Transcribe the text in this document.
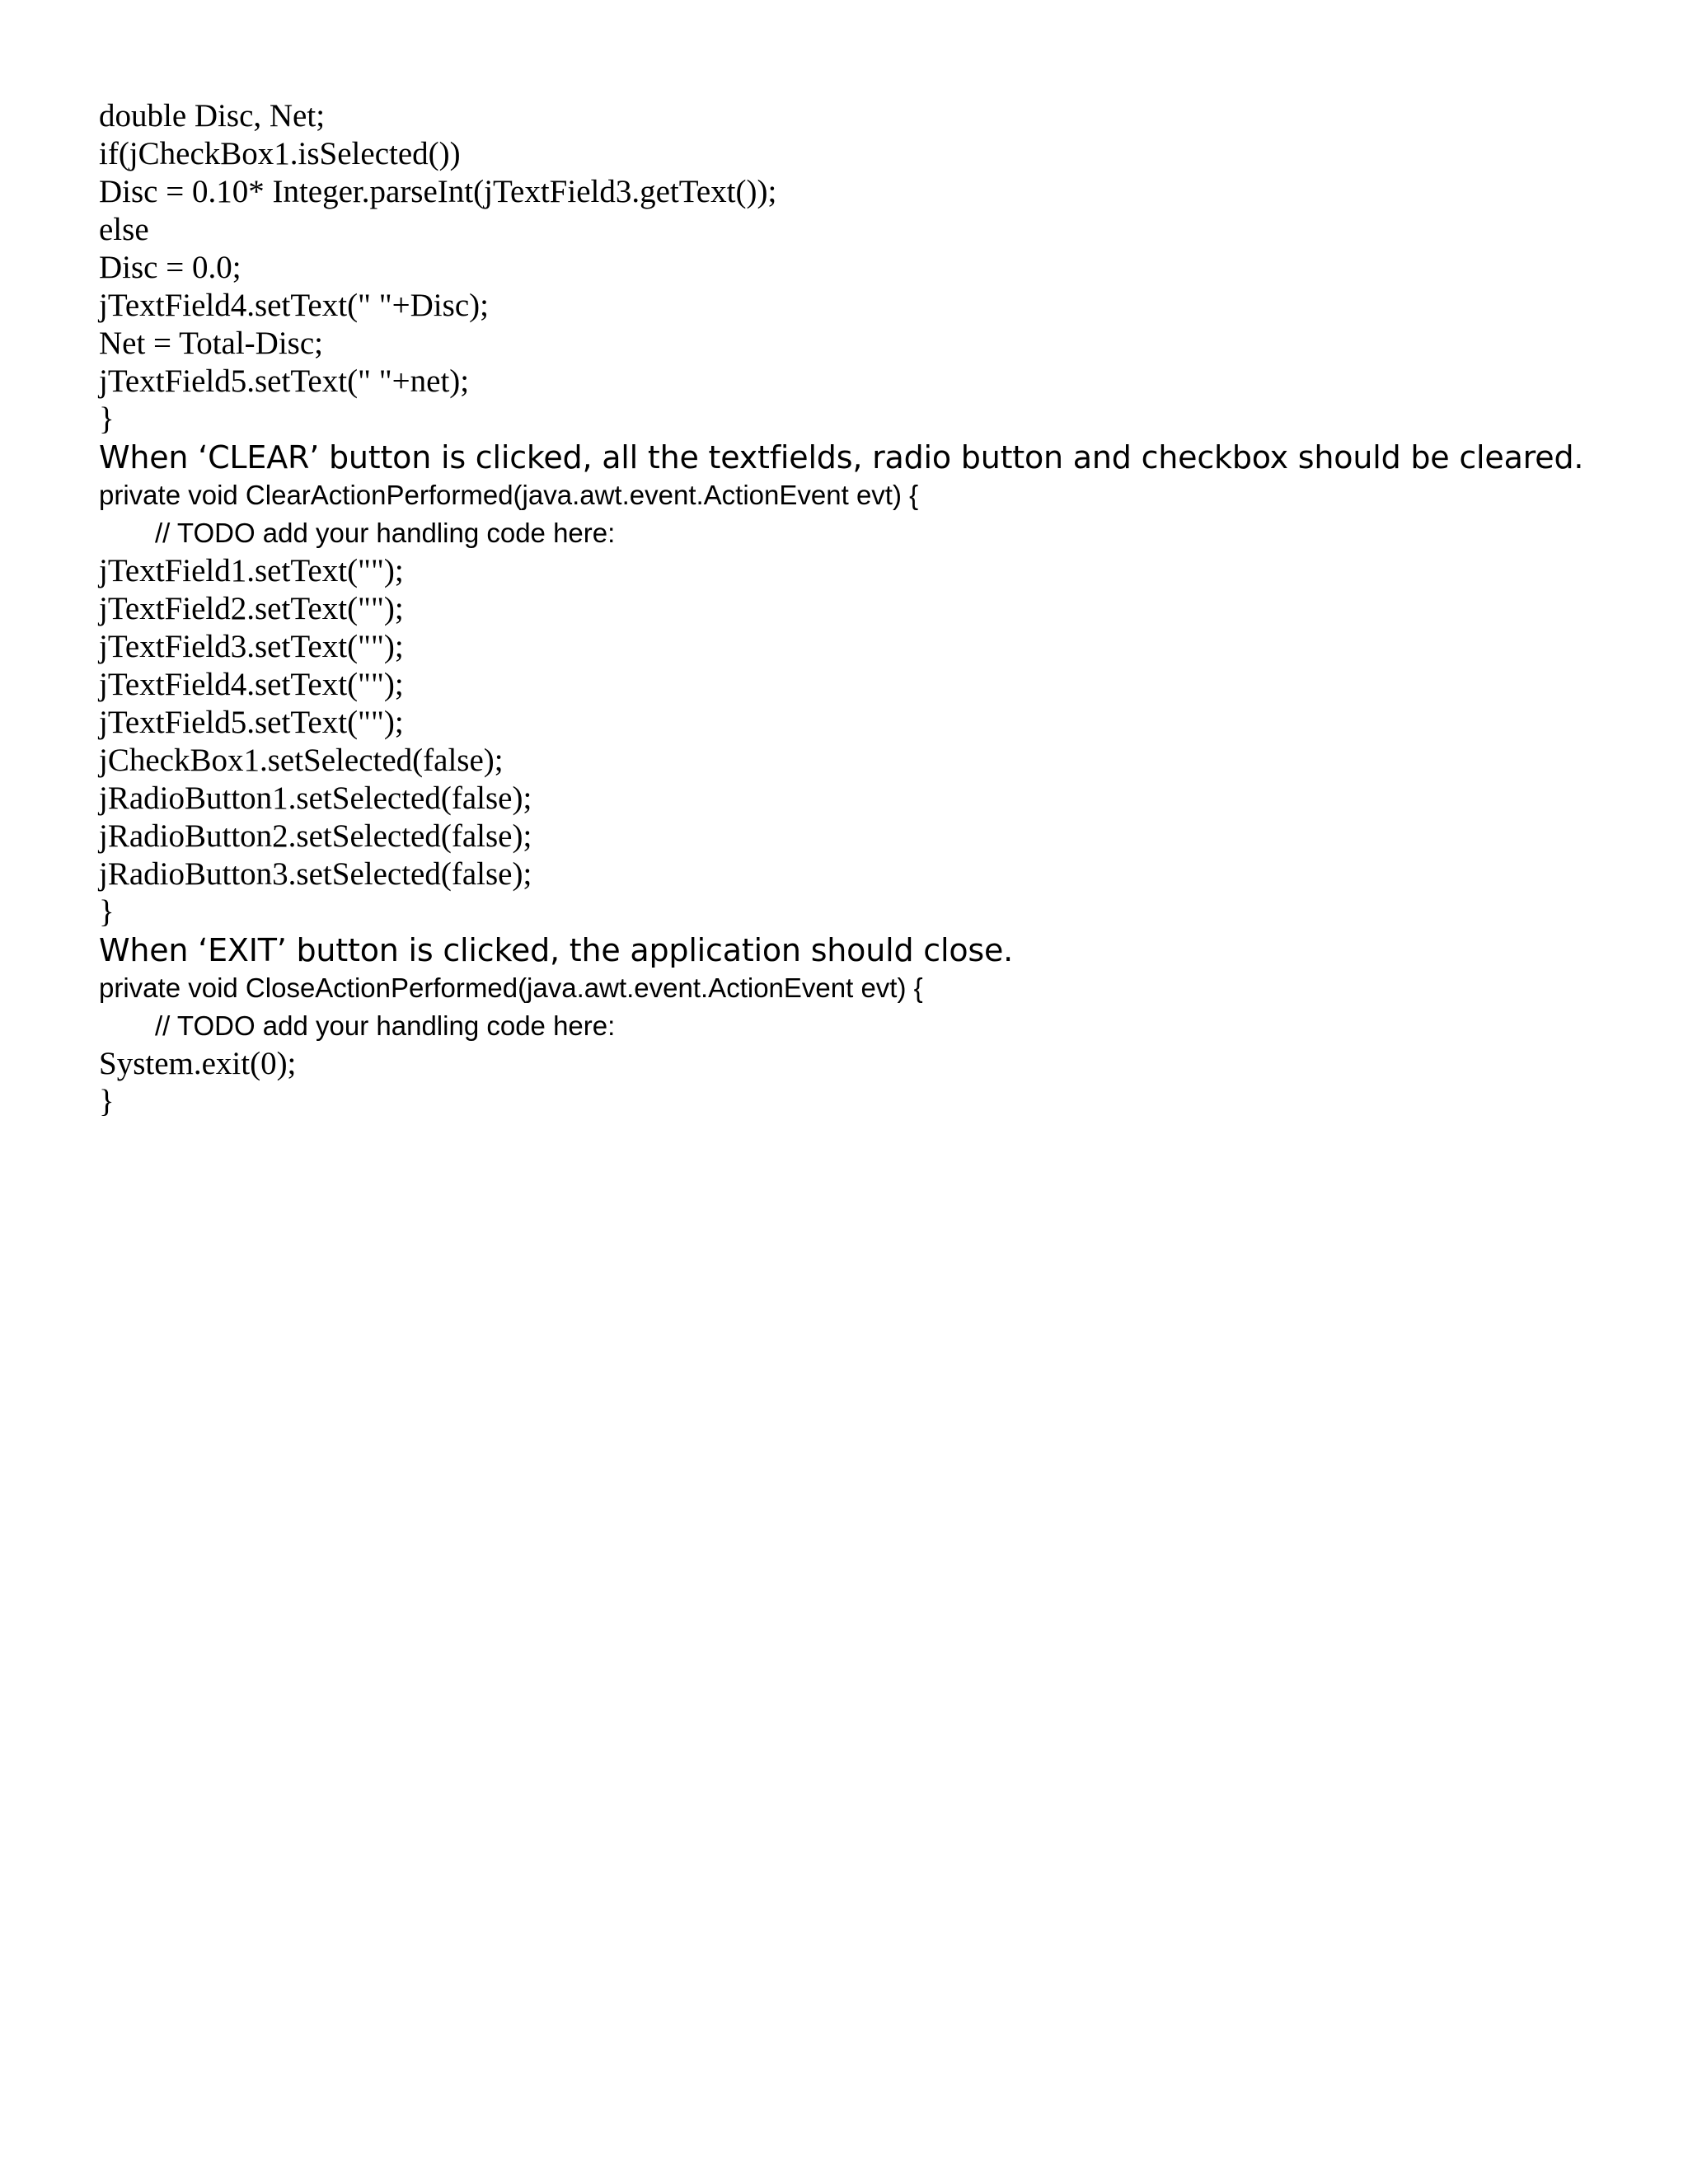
double Disc, Net;
if(jCheckBox1.isSelected())
Disc = 0.10* Integer.parseInt(jTextField3.getText());
else
Disc = 0.0;
jTextField4.setText(" "+Disc);
Net = Total-Disc;
jTextField5.setText(" "+net);
}
When ‘CLEAR’ button is clicked, all the textfields, radio button and checkbox should be cleared.
private void ClearActionPerformed(java.awt.event.ActionEvent evt) {
// TODO add your handling code here:
jTextField1.setText("");
jTextField2.setText("");
jTextField3.setText("");
jTextField4.setText("");
jTextField5.setText("");
jCheckBox1.setSelected(false);
jRadioButton1.setSelected(false);
jRadioButton2.setSelected(false);
jRadioButton3.setSelected(false);
}
When ‘EXIT’ button is clicked, the application should close.
private void CloseActionPerformed(java.awt.event.ActionEvent evt) {
// TODO add your handling code here:
System.exit(0);
}
